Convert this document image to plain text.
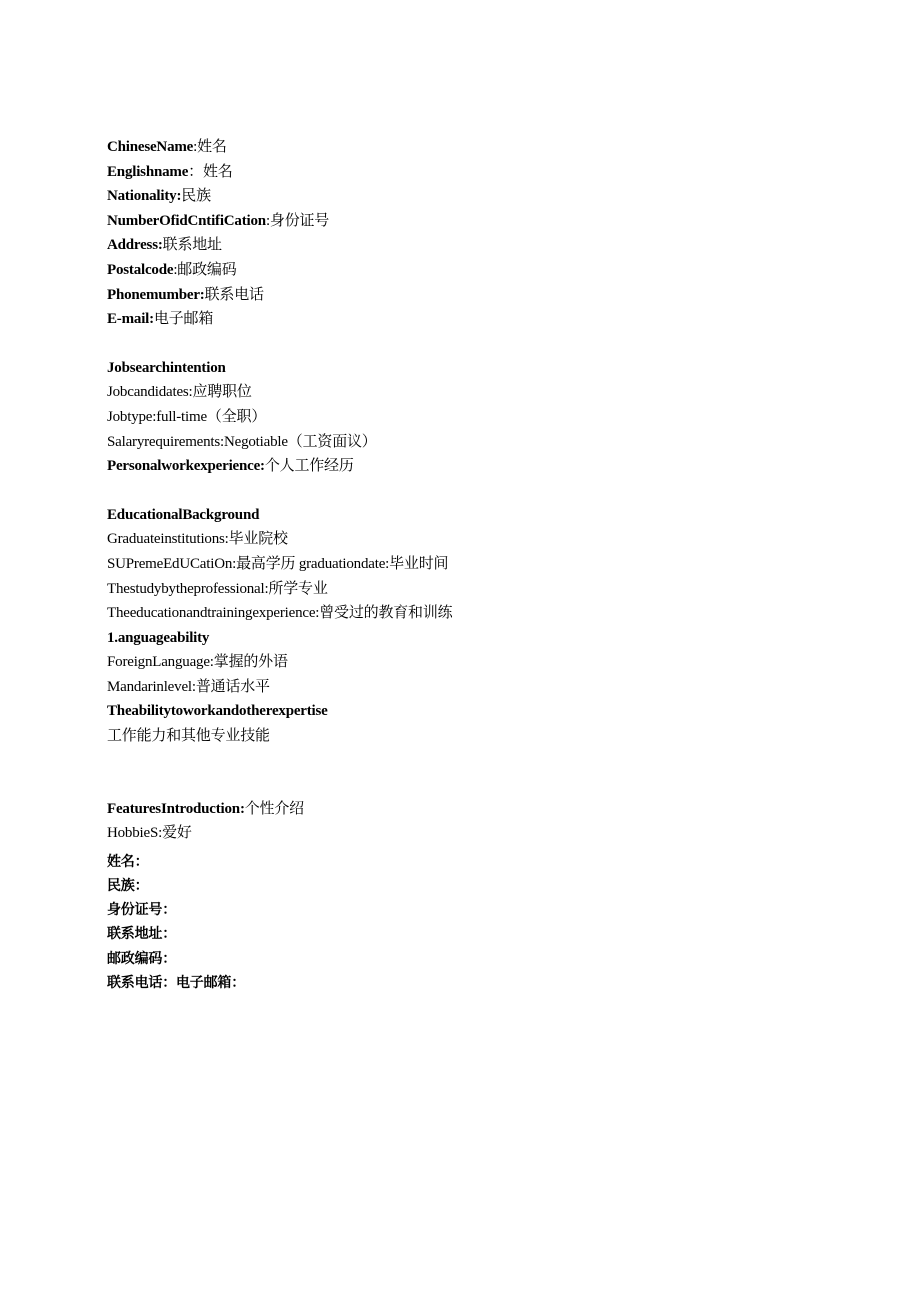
ChineseName:姓名
Englishname：姓名
Nationality:民族
NumberOfidCntifiCation:身份证号
Address:联系地址
Postalcode:邮政编码
Phonemumber:联系电话
E-mail:电子邮箱
Jobsearchintention
Jobcandidates:应聘职位
Jobtype:full-time（全职）
Salaryrequirements:Negotiable（工资面议）
Personalworkexperience:个人工作经历
EducationalBackground
Graduateinstitutions:毕业院校
SUPremeEdUCatiOn:最高学历 graduationdate:毕业时间
Thestudybytheprofessional:所学专业
Theeducationandtrainingexperience:曾受过的教育和训练
1.anguageability
ForeignLanguage:掌握的外语
Mandarinlevel:普通话水平
Theabilitytoworkandotherexpertise
工作能力和其他专业技能
FeaturesIntroduction:个性介绍
HobbieS:爱好
姓名：
民族：
身份证号：
联系地址：
邮政编码：
联系电话：电子邮箱：
